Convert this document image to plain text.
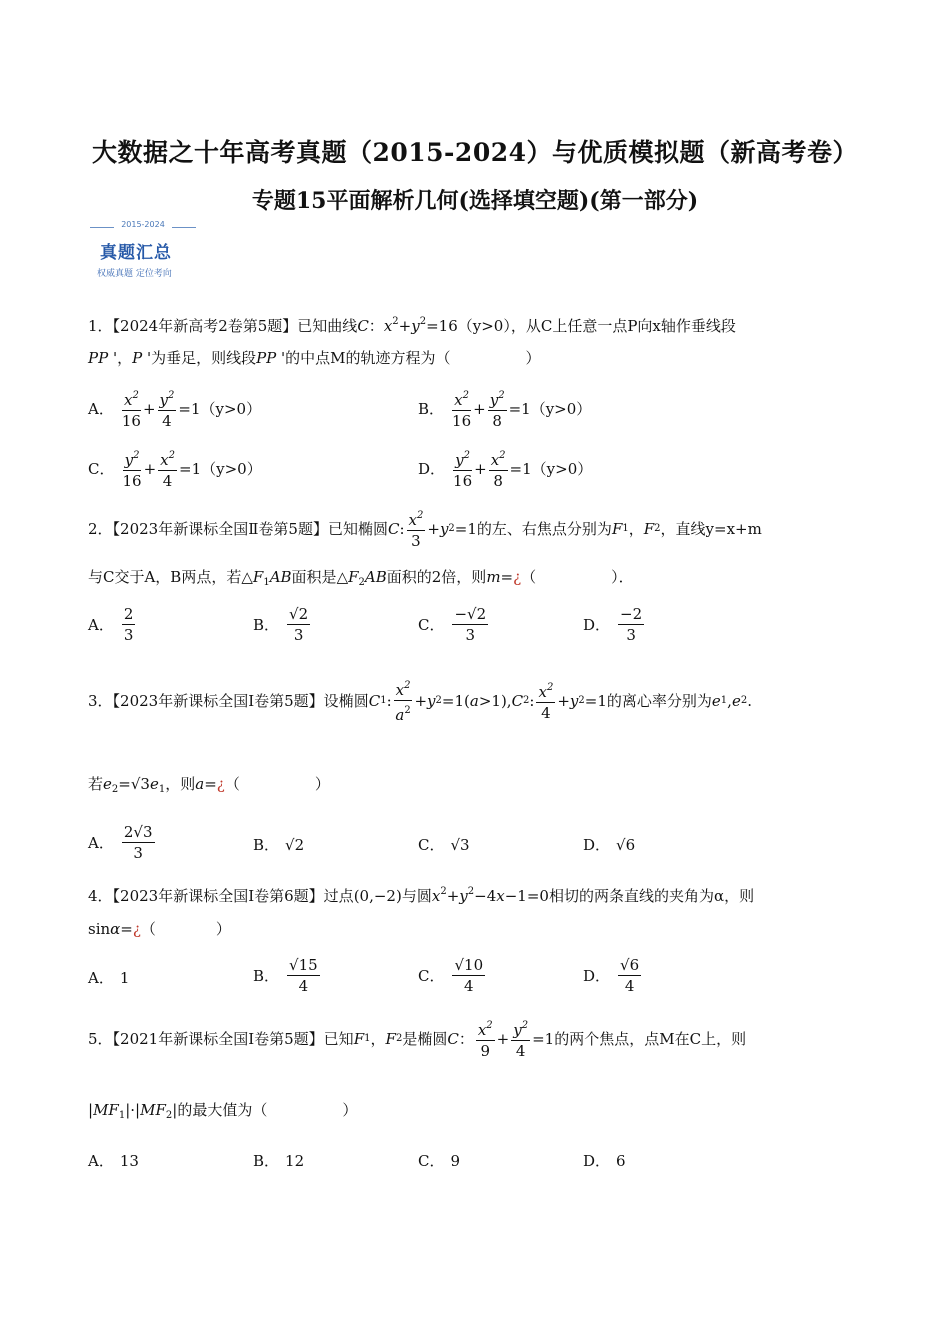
大数据之十年高考真题（2015-2024）与优质模拟题（新高考卷）
专题15平面解析几何(选择填空题)(第一部分)
2015-2024
真题汇总
权威真题 定位考向
1．【2024年新高考2卷第5题】已知曲线C：$x^2+y^2=16(y>0)$，从C上任意一点P向x轴作垂线段
PP '，P '为垂足，则线段PP '的中点M的轨迹方程为（　　　　　）
A． $\frac{x^2}{16} + \frac{y^2}{4} =1$ （y>0）	B． $\frac{x^2}{16} + \frac{y^2}{8} =1$ （y>0）
C． $\frac{y^2}{16} + \frac{x^2}{4} =1$ （y>0）	D． $\frac{y^2}{16} + \frac{x^2}{8} =1$ （y>0）
2．【2023年新课标全国Ⅱ卷第5题】已知椭圆 C : $\frac{x^2}{3} + y$ 2 =1 的左、右焦点分别为 F 1 ， F 2 ，直线y=x+m
与C交于A，B两点，若$\triangle F_1AB$面积是$\triangle F_2AB$面积的2倍，则m=¿（　　　　　）．
A． $\frac{2}{3}$	B． $\frac{√2}{3}$	C． $\frac{-√2}{3}$	D． $\frac{-2}{3}$
3．【2023年新课标全国Ⅰ卷第5题】设椭圆 C 1 : $\frac{x^2}{a^2} + y$ 2 =1( a >1), C 2 : $\frac{x^2}{4} + y$ 2 =1 的离心率分别为 e 1 , e 2 .
若$e_2=√3e_1$，则a=¿（　　　　　）
A． $\frac{2√3}{3}$	B． √2	C． √3	D． √6
4．【2023年新课标全国Ⅰ卷第6题】过点(0,−2)与圆$x^2+y^2-4x-1=0$相切的两条直线的夹角为α，则
sinα=¿（　　　　）
A． 1	B． $\frac{√15}{4}$	C． $\frac{√10}{4}$	D． $\frac{√6}{4}$
5．【2021年新课标全国Ⅰ卷第5题】已知 F 1 ， F 2 是椭圆 C ： $\frac{x^2}{9} + \frac{y^2}{4} =1$ 的两个焦点，点M在C上，则
$|MF_1|\cdot|MF_2|$的最大值为（　　　　　）
A． 13	B． 12	C． 9	D． 6
